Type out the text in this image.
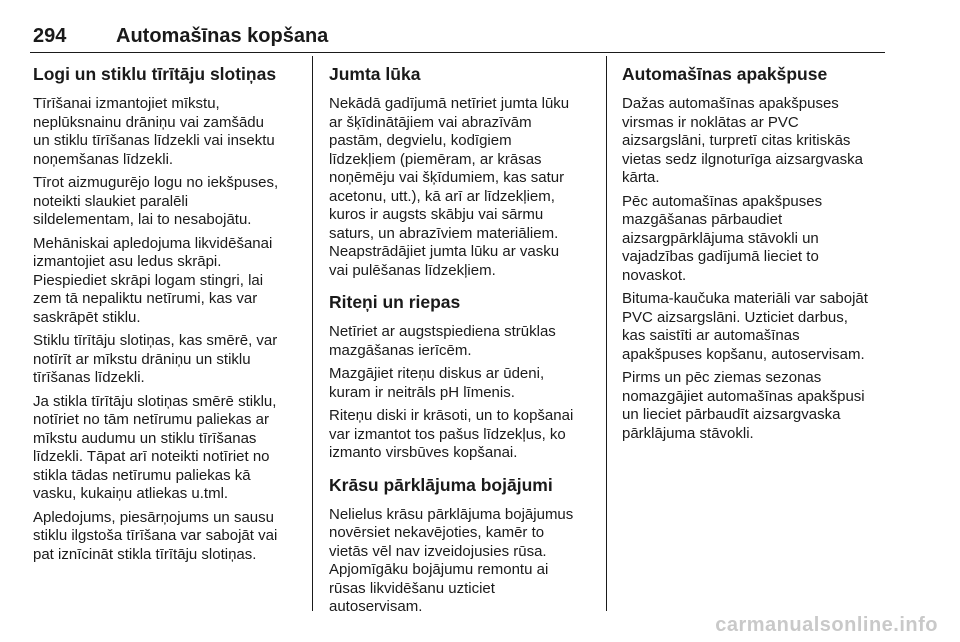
294 Automašīnas kopšana
Logi un stiklu tīrītāju slotiņas

Tīrīšanai izmantojiet mīkstu,
neplūksnainu drāniņu vai zamšādu
un stiklu tīrīšanas līdzekli vai insektu
noņemšanas līdzekli.

Tīrot aizmugurējo logu no iekšpuses,
noteikti slaukiet paralēli
sildelementam, lai to nesabojātu.

Mehāniskai apledojuma likvidēšanai
izmantojiet asu ledus skrāpi.
Piespiediet skrāpi logam stingri, lai
zem tā nepaliktu netīrumi, kas var
saskrāpēt stiklu.

Stiklu tīrītāju slotiņas, kas smērē, var
notīrīt ar mīkstu drāniņu un stiklu
tīrīšanas līdzekli.

Ja stikla tīrītāju slotiņas smērē stiklu,
notīriet no tām netīrumu paliekas ar
mīkstu audumu un stiklu tīrīšanas
līdzekli. Tāpat arī noteikti notīriet no
stikla tādas netīrumu paliekas kā
vasku, kukaiņu atliekas u.tml.

Apledojums, piesārņojums un sausu
stiklu ilgstoša tīrīšana var sabojāt vai
pat iznīcināt stikla tīrītāju slotiņas.

Jumta lūka

Nekādā gadījumā netīriet jumta lūku
ar šķīdinātājiem vai abrazīvām
pastām, degvielu, kodīgiem
līdzekļiem (piemēram, ar krāsas
noņēmēju vai šķīdumiem, kas satur
acetonu, utt.), kā arī ar līdzekļiem,
kuros ir augsts skābju vai sārmu
saturs, un abrazīviem materiāliem.
Neapstrādājiet jumta lūku ar vasku
vai pulēšanas līdzekļiem.

Riteņi un riepas

Netīriet ar augstspiediena strūklas
mazgāšanas ierīcēm.

Mazgājiet riteņu diskus ar ūdeni,
kuram ir neitrāls pH līmenis.

Riteņu diski ir krāsoti, un to kopšanai
var izmantot tos pašus līdzekļus, ko
izmanto virsbūves kopšanai.

Krāsu pārklājuma bojājumi

Nelielus krāsu pārklājuma bojājumus
novērsiet nekavējoties, kamēr to
vietās vēl nav izveidojusies rūsa.
Apjomīgāku bojājumu remontu ai
rūsas likvidēšanu uzticiet
autoservisam.

Automašīnas apakšpuse

Dažas automašīnas apakšpuses
virsmas ir noklātas ar PVC
aizsargslāni, turpretī citas kritiskās
vietas sedz ilgnoturīga aizsargvaska
kārta.

Pēc automašīnas apakšpuses
mazgāšanas pārbaudiet
aizsargpārklājuma stāvokli un
vajadzības gadījumā lieciet to
novaskot.

Bituma-kaučuka materiāli var sabojāt
PVC aizsargslāni. Uzticiet darbus,
kas saistīti ar automašīnas
apakšpuses kopšanu, autoservisam.

Pirms un pēc ziemas sezonas
nomazgājiet automašīnas apakšpusi
un lieciet pārbaudīt aizsargvaska
pārklājuma stāvokli.

carmanualsonline.info
